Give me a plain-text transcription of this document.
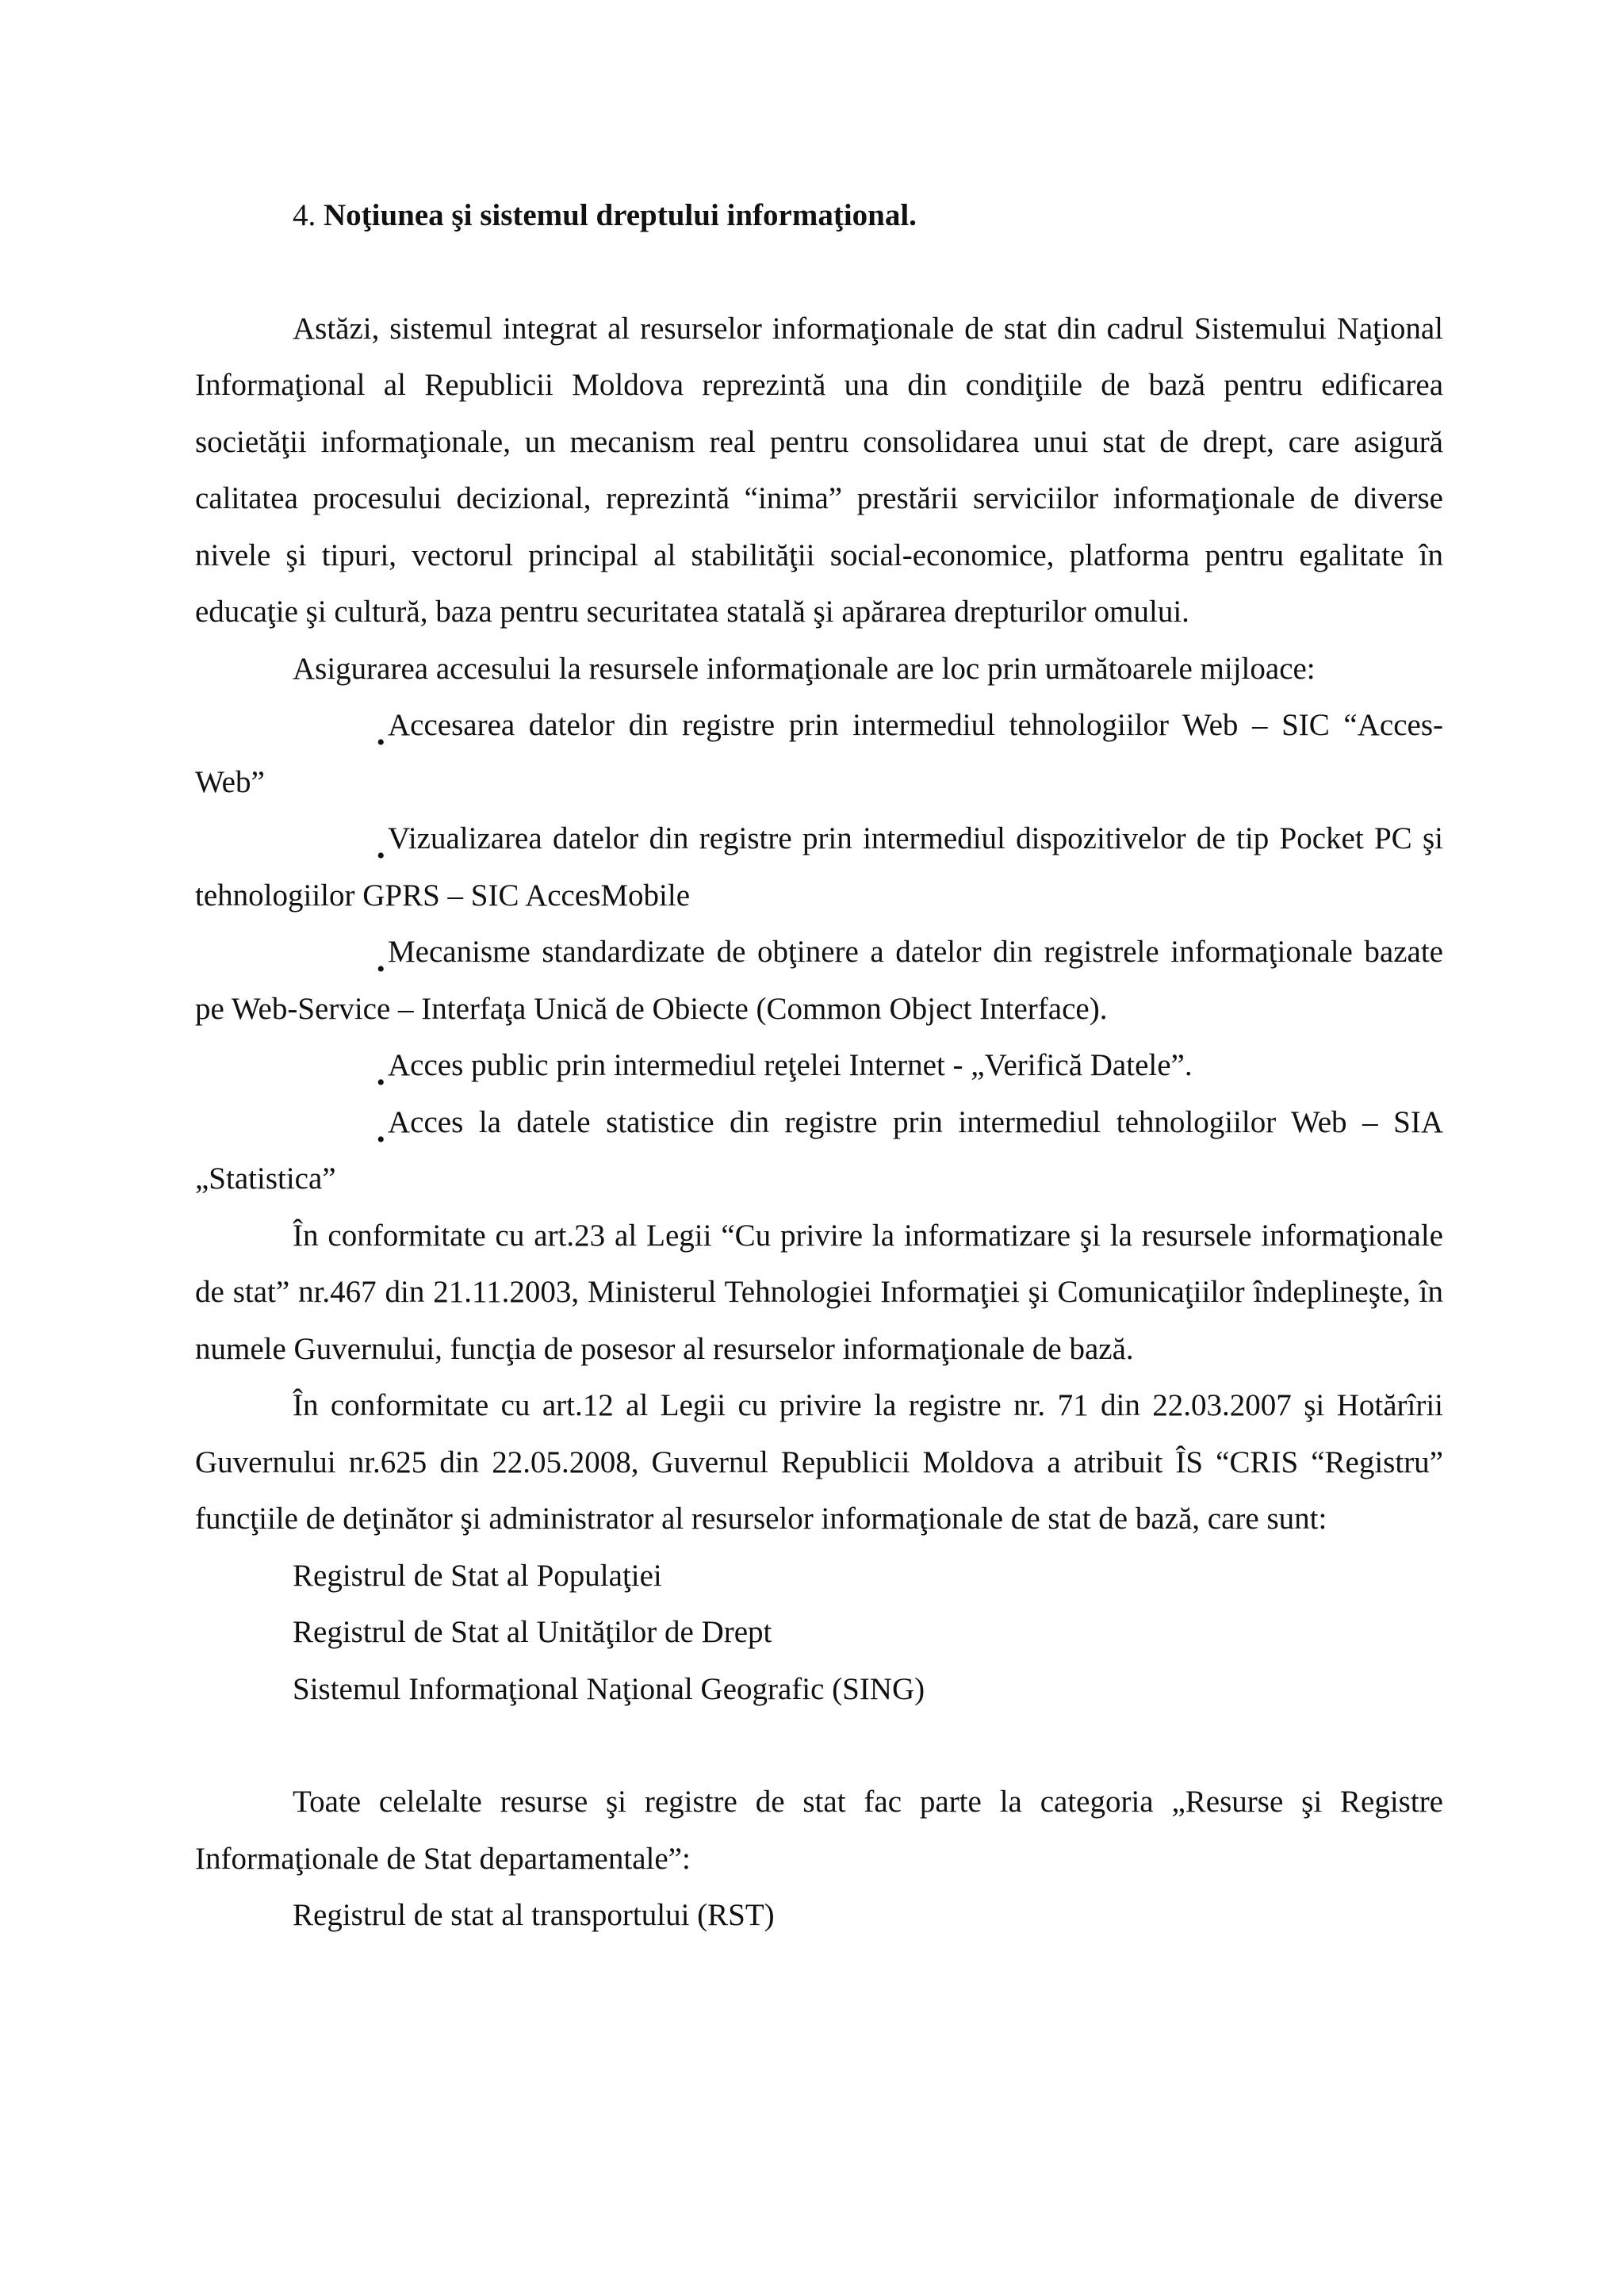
4. Noţiunea şi sistemul dreptului informaţional.

Astăzi, sistemul integrat al resurselor informaţionale de stat din cadrul Sistemului Naţional Informaţional al Republicii Moldova reprezintă una din condiţiile de bază pentru edificarea societăţii informaţionale, un mecanism real pentru consolidarea unui stat de drept, care asigură calitatea procesului decizional, reprezintă “inima” prestării serviciilor informaţionale de diverse nivele şi tipuri, vectorul principal al stabilităţii social-economice, platforma pentru egalitate în educaţie şi cultură, baza pentru securitatea statală şi apărarea drepturilor omului.

Asigurarea accesului la resursele informaţionale are loc prin următoarele mijloace:

•
Accesarea datelor din registre prin intermediul tehnologiilor Web – SIC “Acces-Web”

•
Vizualizarea datelor din registre prin intermediul dispozitivelor de tip Pocket PC şi tehnologiilor GPRS – SIC AccesMobile

•
Mecanisme standardizate de obţinere a datelor din registrele informaţionale bazate pe Web-Service – Interfaţa Unică de Obiecte (Common Object Interface).

•
Acces public prin intermediul reţelei Internet - „Verifică Datele”.

•
Acces la datele statistice din registre prin intermediul tehnologiilor Web – SIA „Statistica”

În conformitate cu art.23 al Legii “Cu privire la informatizare şi la resursele informaţionale de stat” nr.467 din 21.11.2003, Ministerul Tehnologiei Informaţiei şi Comunicaţiilor îndeplineşte, în numele Guvernului, funcţia de posesor al resurselor informaţionale de bază.

În conformitate cu art.12 al Legii cu privire la registre nr. 71 din 22.03.2007 şi Hotărîrii Guvernului nr.625 din 22.05.2008, Guvernul Republicii Moldova a atribuit ÎS “CRIS “Registru” funcţiile de deţinător şi administrator al resurselor informaţionale de stat de bază, care sunt:

Registrul de Stat al Populaţiei

Registrul de Stat al Unităţilor de Drept

Sistemul Informaţional Naţional Geografic (SING)

Toate celelalte resurse şi registre de stat fac parte la categoria „Resurse şi Registre Informaţionale de Stat departamentale”:

Registrul de stat al transportului (RST)
